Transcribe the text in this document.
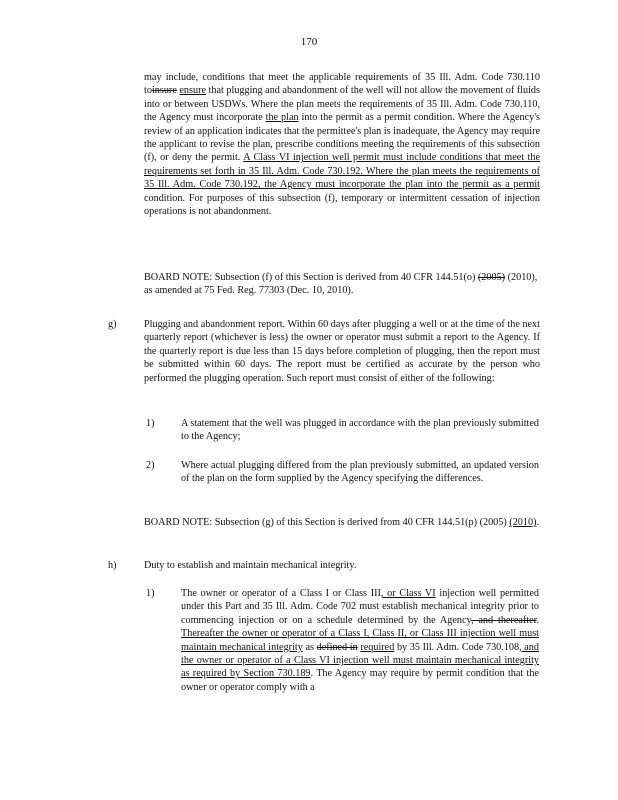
170
may include, conditions that meet the applicable requirements of 35 Ill. Adm. Code 730.110 toinsure ensure that plugging and abandonment of the well will not allow the movement of fluids into or between USDWs. Where the plan meets the requirements of 35 Ill. Adm. Code 730.110, the Agency must incorporate the plan into the permit as a permit condition. Where the Agency's review of an application indicates that the permittee's plan is inadequate, the Agency may require the applicant to revise the plan, prescribe conditions meeting the requirements of this subsection (f), or deny the permit. A Class VI injection well permit must include conditions that meet the requirements set forth in 35 Ill. Adm. Code 730.192. Where the plan meets the requirements of 35 Ill. Adm. Code 730.192, the Agency must incorporate the plan into the permit as a permit condition. For purposes of this subsection (f), temporary or intermittent cessation of injection operations is not abandonment.
BOARD NOTE: Subsection (f) of this Section is derived from 40 CFR 144.51(o) (2005) (2010), as amended at 75 Fed. Reg. 77303 (Dec. 10, 2010).
g)	Plugging and abandonment report. Within 60 days after plugging a well or at the time of the next quarterly report (whichever is less) the owner or operator must submit a report to the Agency. If the quarterly report is due less than 15 days before completion of plugging, then the report must be submitted within 60 days. The report must be certified as accurate by the person who performed the plugging operation. Such report must consist of either of the following:
1)	A statement that the well was plugged in accordance with the plan previously submitted to the Agency;
2)	Where actual plugging differed from the plan previously submitted, an updated version of the plan on the form supplied by the Agency specifying the differences.
BOARD NOTE: Subsection (g) of this Section is derived from 40 CFR 144.51(p) (2005) (2010).
h)	Duty to establish and maintain mechanical integrity.
1)	The owner or operator of a Class I or Class III, or Class VI injection well permitted under this Part and 35 Ill. Adm. Code 702 must establish mechanical integrity prior to commencing injection or on a schedule determined by the Agency, and thereafter. Thereafter the owner or operator of a Class I, Class II, or Class III injection well must maintain mechanical integrity as defined in required by 35 Ill. Adm. Code 730.108, and the owner or operator of a Class VI injection well must maintain mechanical integrity as required by Section 730.189. The Agency may require by permit condition that the owner or operator comply with a
